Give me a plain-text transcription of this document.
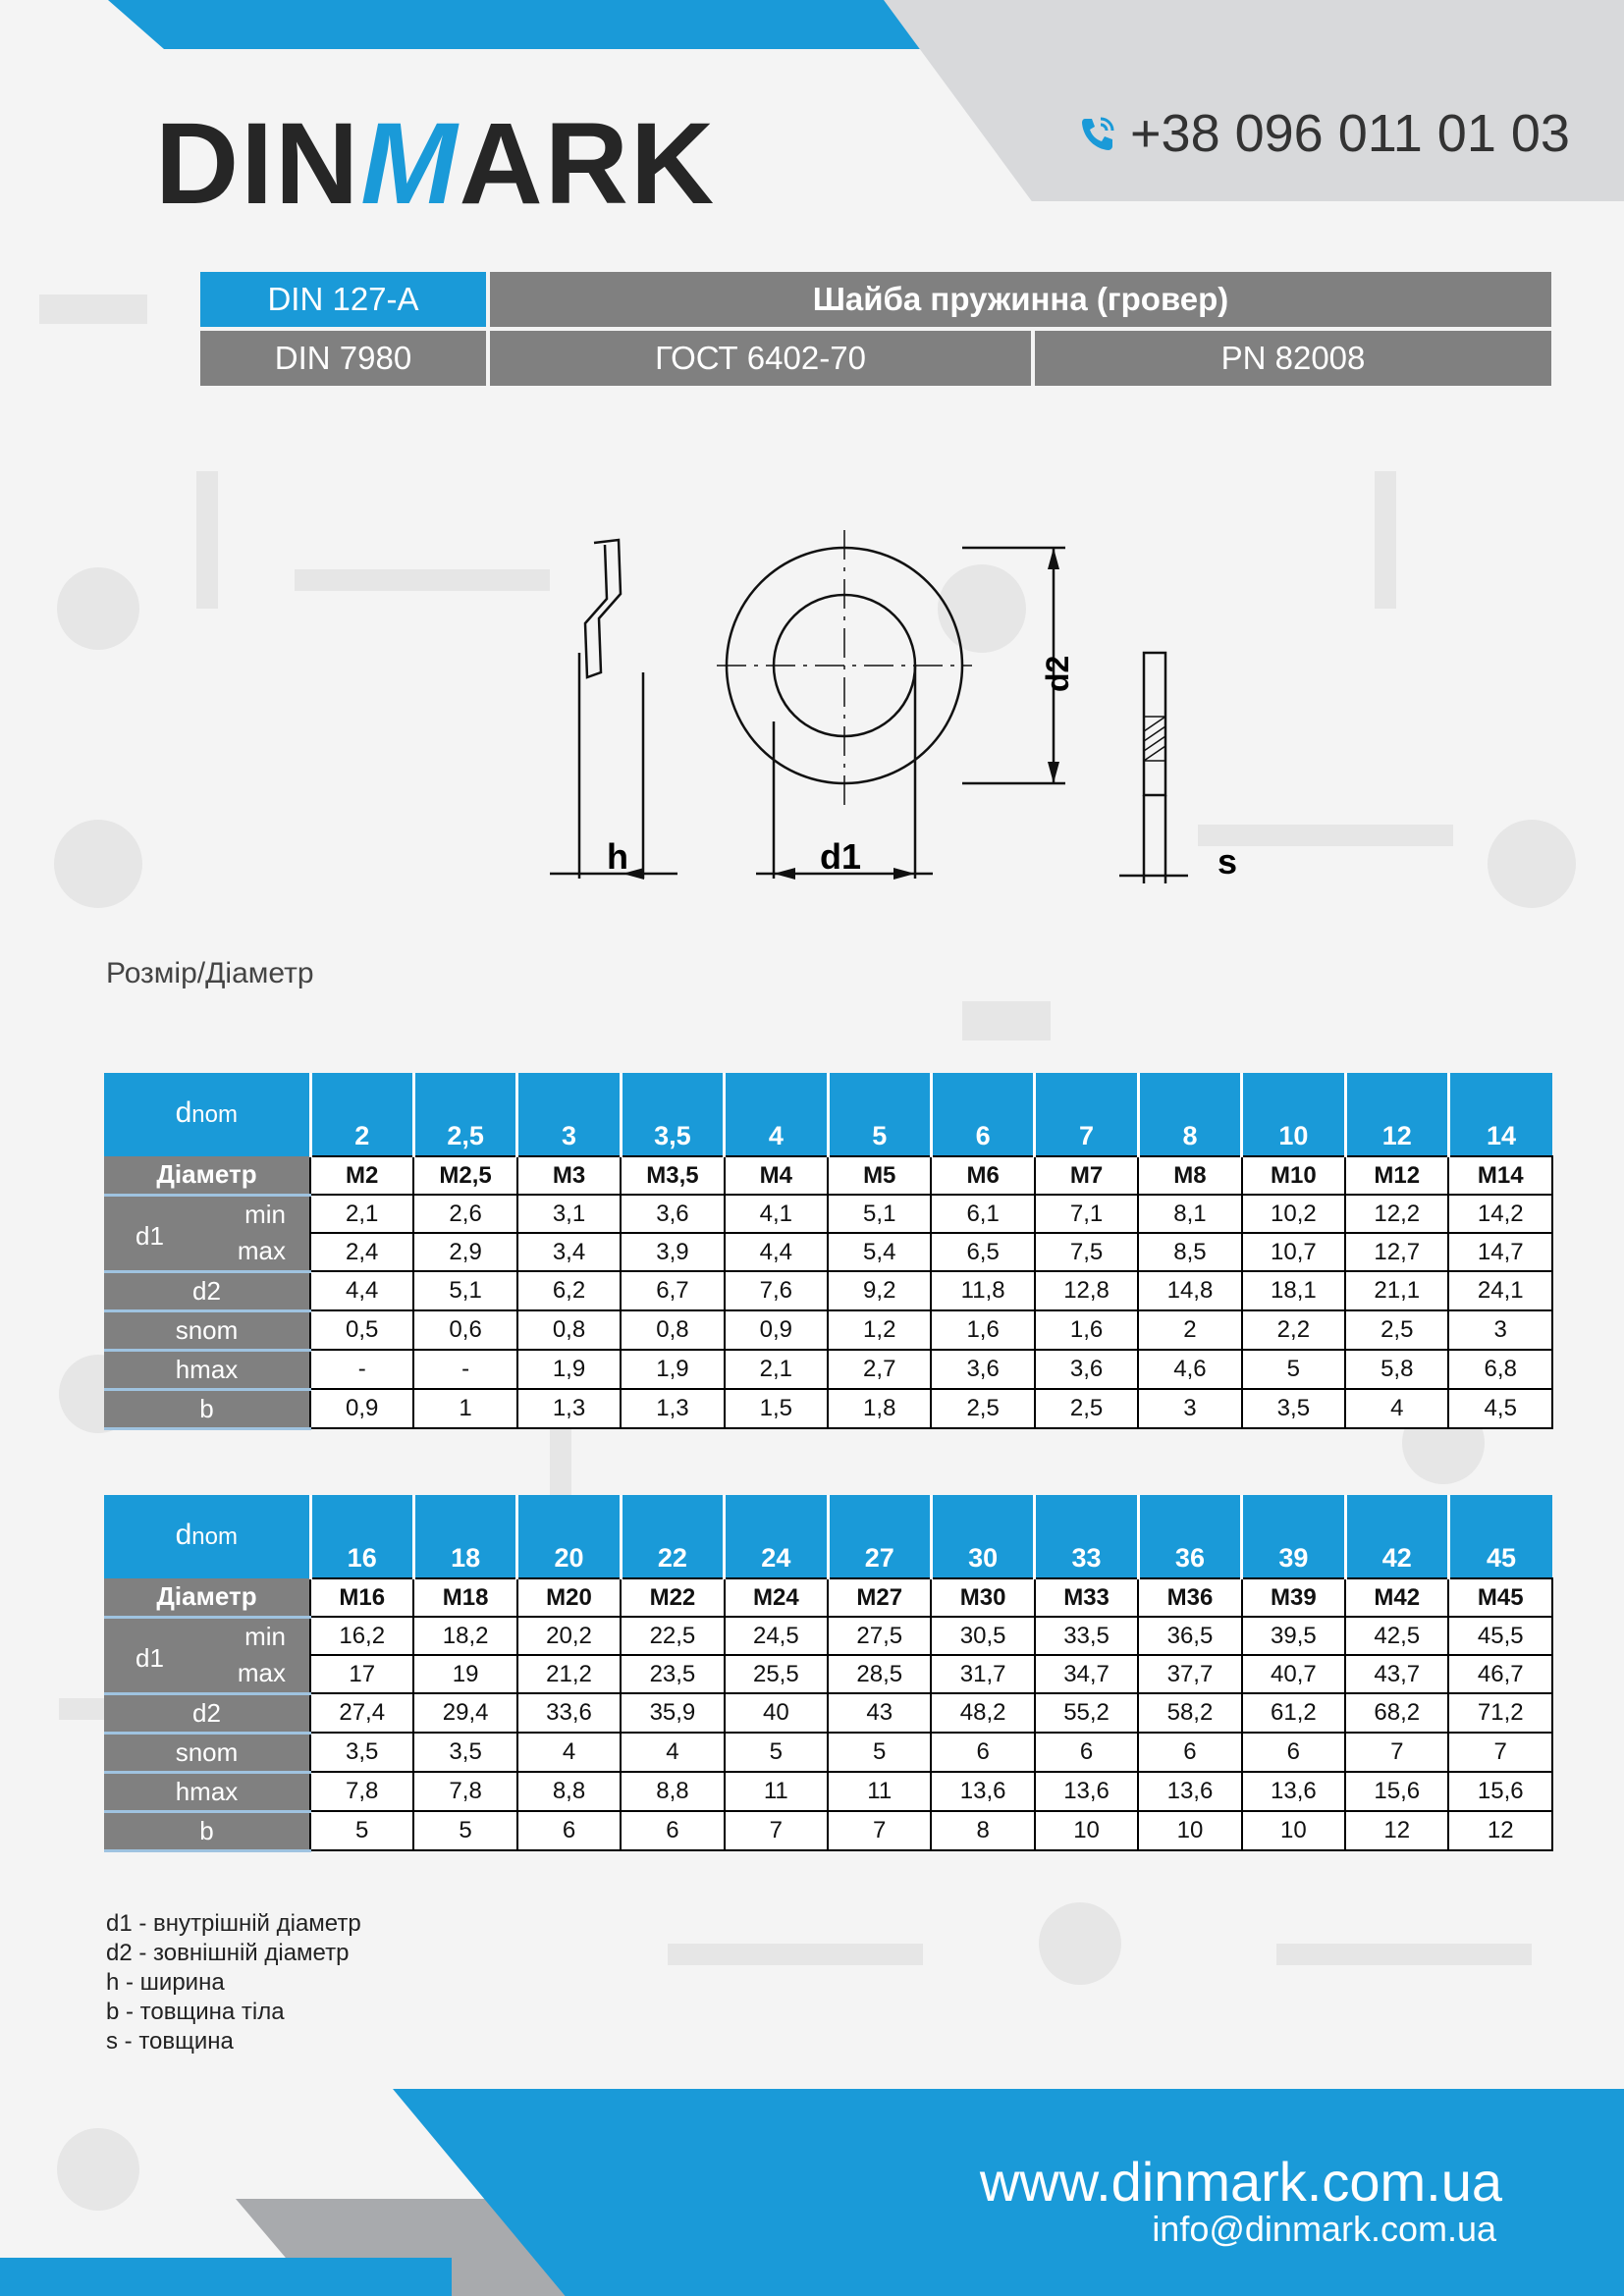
DINMARK	+38 096 011 01 03
DIN 127-A	Шайба пружинна (гровер)	
DIN 7980	ГОСТ 6402-70	PN 82008
h	d1
d2
s
Розмір/Діаметр
dnom	2	2,5	3	3,5	4	5	6	7	8	10	12	14
Діаметр	M2	M2,5	M3	M3,5	M4	M5	M6	M7	M8	M10	M12	M14
d1
min	2,1	2,6	3,1	3,6	4,1	5,1	6,1	7,1	8,1	10,2	12,2	14,2
max	2,4	2,9	3,4	3,9	4,4	5,4	6,5	7,5	8,5	10,7	12,7	14,7
d2	4,4	5,1	6,2	6,7	7,6	9,2	11,8	12,8	14,8	18,1	21,1	24,1
snom	0,5	0,6	0,8	0,8	0,9	1,2	1,6	1,6	2	2,2	2,5	3
hmax	-	-	1,9	1,9	2,1	2,7	3,6	3,6	4,6	5	5,8	6,8
b	0,9	1	1,3	1,3	1,5	1,8	2,5	2,5	3	3,5	4	4,5
dnom	16	18	20	22	24	27	30	33	36	39	42	45
Діаметр	M16	M18	M20	M22	M24	M27	M30	M33	M36	M39	M42	M45
d1
min	16,2	18,2	20,2	22,5	24,5	27,5	30,5	33,5	36,5	39,5	42,5	45,5
max	17	19	21,2	23,5	25,5	28,5	31,7	34,7	37,7	40,7	43,7	46,7
d2	27,4	29,4	33,6	35,9	40	43	48,2	55,2	58,2	61,2	68,2	71,2
snom	3,5	3,5	4	4	5	5	6	6	6	6	7	7
hmax	7,8	7,8	8,8	8,8	11	11	13,6	13,6	13,6	13,6	15,6	15,6
b	5	5	6	6	7	7	8	10	10	10	12	12
d1 - внутрішній діаметр
d2 - зовнішній діаметр
h - ширина
b - товщина тіла
s - товщина
www.dinmark.com.ua
info@dinmark.com.ua
